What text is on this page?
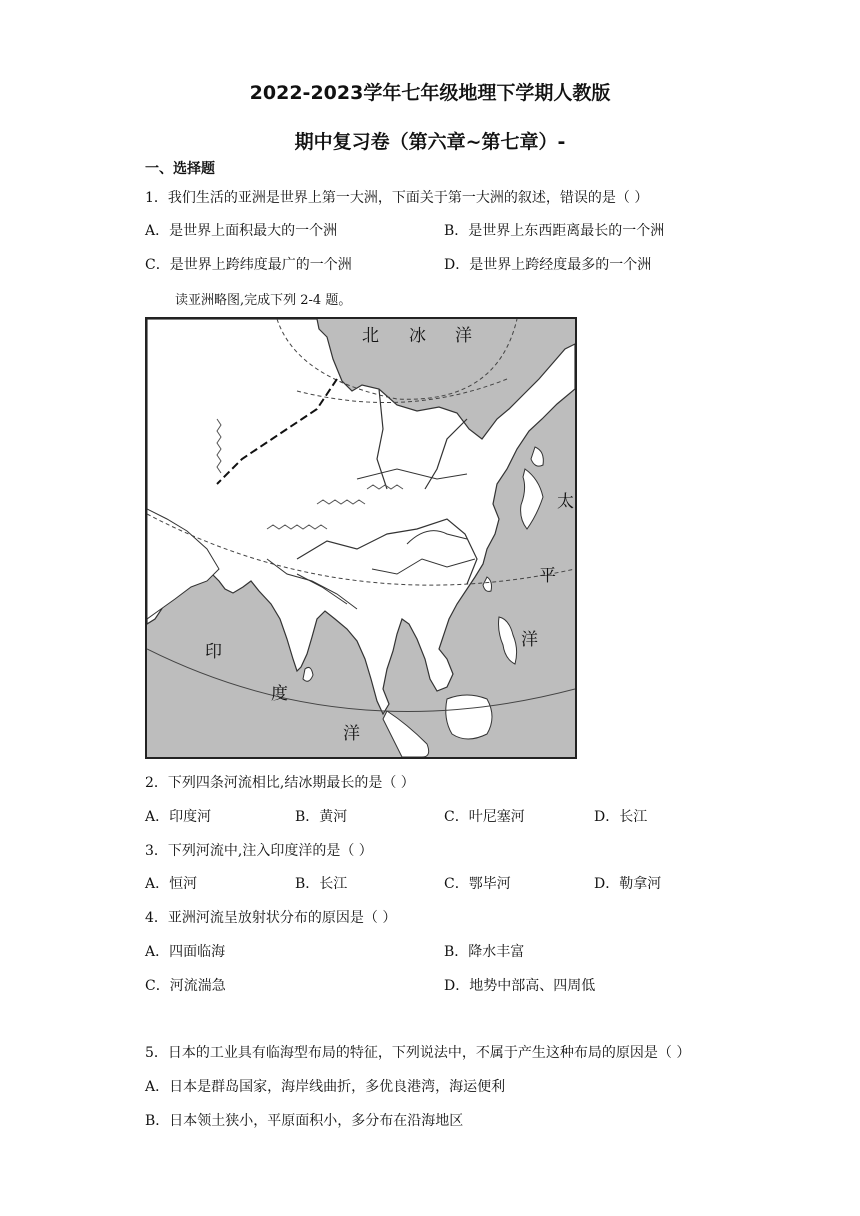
2022-2023学年七年级地理下学期人教版
期中复习卷（第六章~第七章）-
一、选择题
1．我们生活的亚洲是世界上第一大洲，下面关于第一大洲的叙述，错误的是（ ）
A．是世界上面积最大的一个洲	B．是世界上东西距离最长的一个洲
C．是世界上跨纬度最广的一个洲	D．是世界上跨经度最多的一个洲
读亚洲略图,完成下列 2-4 题。
北 冰 洋
太
平
洋
印
度
洋
2．下列四条河流相比,结冰期最长的是（ ）
A．印度河	B．黄河	C．叶尼塞河	D．长江
3．下列河流中,注入印度洋的是（ ）
A．恒河	B．长江	C．鄂毕河	D．勒拿河
4．亚洲河流呈放射状分布的原因是（ ）
A．四面临海	B．降水丰富
C．河流湍急	D．地势中部高、四周低
5．日本的工业具有临海型布局的特征，下列说法中，不属于产生这种布局的原因是（ ）
A．日本是群岛国家，海岸线曲折，多优良港湾，海运便利
B．日本领土狭小，平原面积小，多分布在沿海地区
